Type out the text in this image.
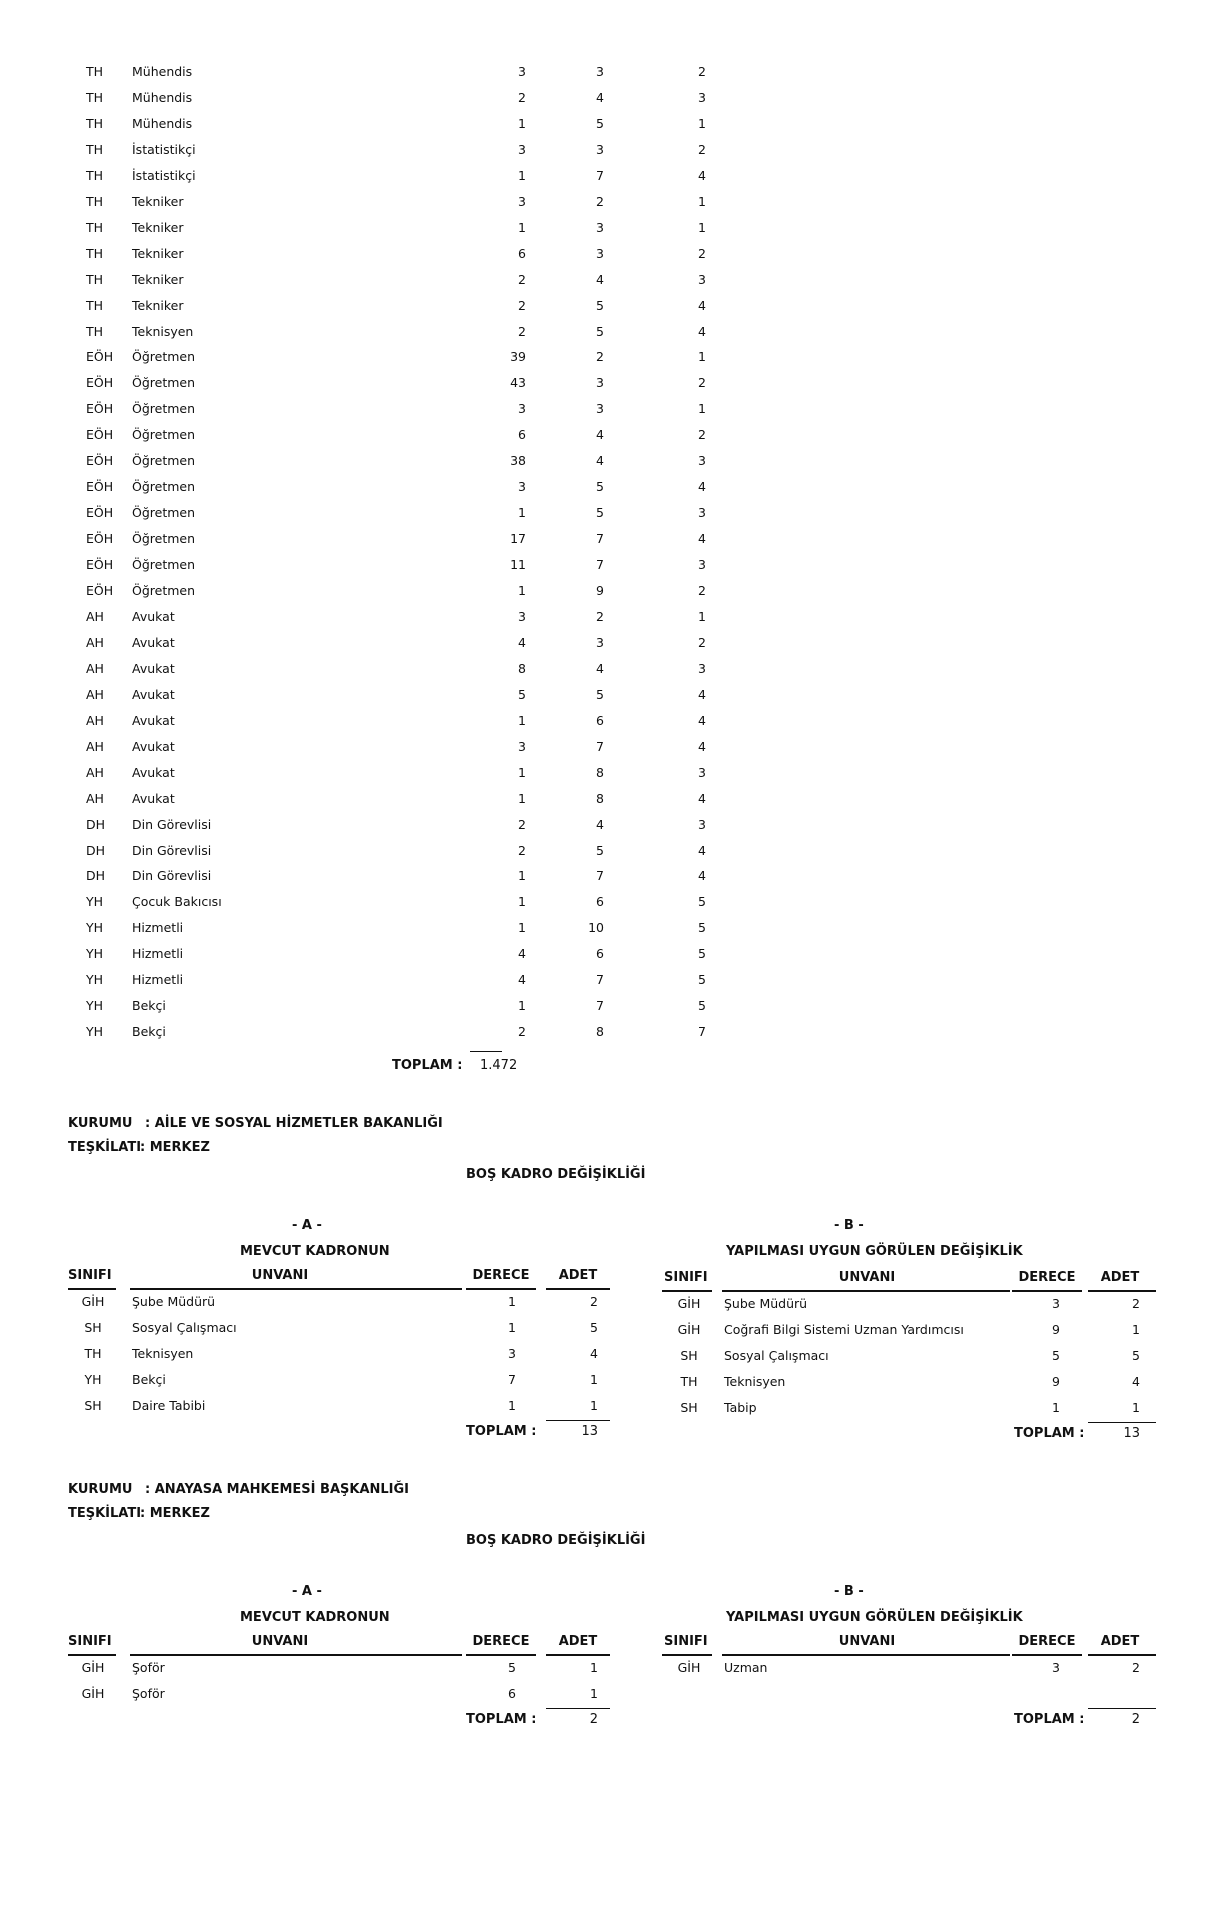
TH Mühendis	3	3	2
TH Mühendis	2	4	3
TH Mühendis	1	5	1
TH İstatistikçi	3	3	2
TH İstatistikçi	1	7	4
TH Tekniker	3	2	1
TH Tekniker	1	3	1
TH Tekniker	6	3	2
TH Tekniker	2	4	3
TH Tekniker	2	5	4
TH Teknisyen	2	5	4
EÖH Öğretmen	39	2	1
EÖH Öğretmen	43	3	2
EÖH Öğretmen	3	3	1
EÖH Öğretmen	6	4	2
EÖH Öğretmen	38	4	3
EÖH Öğretmen	3	5	4
EÖH Öğretmen	1	5	3
EÖH Öğretmen	17	7	4
EÖH Öğretmen	11	7	3
EÖH Öğretmen	1	9	2
AH Avukat	3	2	1
AH Avukat	4	3	2
AH Avukat	8	4	3
AH Avukat	5	5	4
AH Avukat	1	6	4
AH Avukat	3	7	4
AH Avukat	1	8	3
AH Avukat	1	8	4
DH Din Görevlisi	2	4	3
DH Din Görevlisi	2	5	4
DH Din Görevlisi	1	7	4
YH Çocuk Bakıcısı	1	6	5
YH Hizmetli	1	10	5
YH Hizmetli	4	6	5
YH Hizmetli	4	7	5
YH Bekçi	1	7	5
YH Bekçi	2	8	7
TOPLAM : 1.472
KURUMU : AİLE VE SOSYAL HİZMETLER BAKANLIĞI
TEŞKİLATI
: MERKEZ
BOŞ KADRO DEĞİŞİKLİĞİ
- A -
MEVCUT KADRONUN
- B -
YAPILMASI UYGUN GÖRÜLEN DEĞİŞİKLİK
SINIFI	UNVANI	DERECE	ADET
GİH	Şube Müdürü	1	2
SH	Sosyal Çalışmacı	1	5
TH	Teknisyen	3	4
YH	Bekçi	7	1
SH	Daire Tabibi	1	1
TOPLAM :	13
SINIFI	UNVANI	DERECE	ADET
GİH	Şube Müdürü	3	2
GİH	Coğrafi Bilgi Sistemi Uzman Yardımcısı	9	1
SH	Sosyal Çalışmacı	5	5
TH	Teknisyen	9	4
SH	Tabip	1	1
TOPLAM :	13
KURUMU : ANAYASA MAHKEMESİ BAŞKANLIĞI
TEŞKİLATI
: MERKEZ
BOŞ KADRO DEĞİŞİKLİĞİ
- A -
MEVCUT KADRONUN
- B -
YAPILMASI UYGUN GÖRÜLEN DEĞİŞİKLİK
SINIFI	UNVANI	DERECE	ADET
GİH	Şoför	5	1
GİH	Şoför	6	1
TOPLAM :	2
SINIFI	UNVANI	DERECE	ADET
GİH	Uzman	3	2
TOPLAM :	2
